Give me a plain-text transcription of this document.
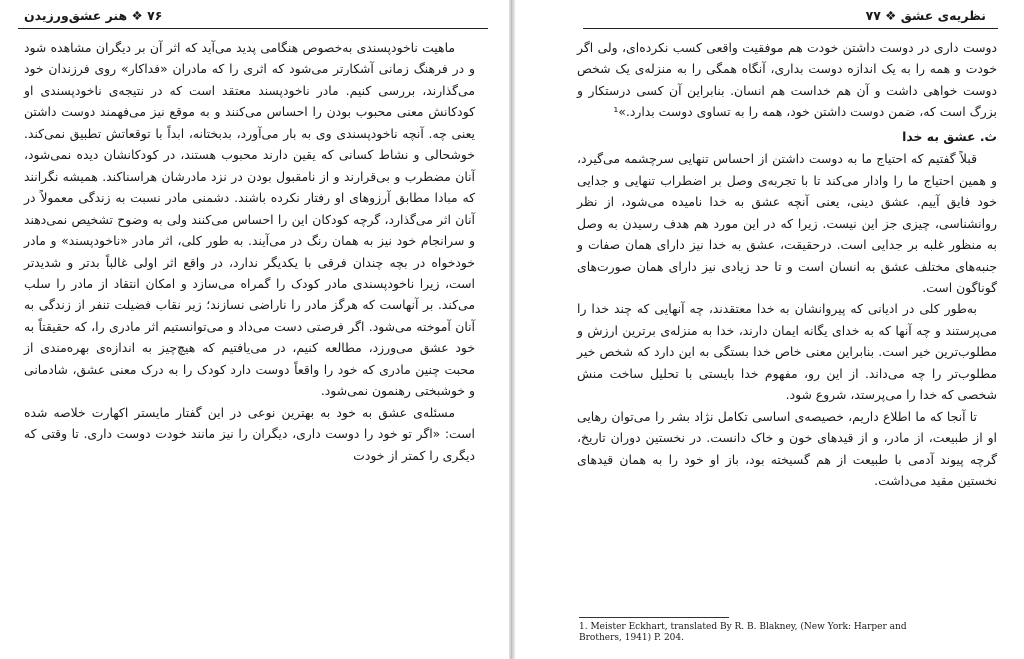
۷۶ ❖ هنر عشق‌ورزیدن

ماهیت ناخودپسندی به‌خصوص هنگامی پدید می‌آید که اثر آن بر دیگران مشاهده شود و در فرهنگ زمانی آشکارتر می‌شود که اثری را که مادران «فداکار» روی فرزندان خود می‌گذارند، بررسی کنیم. مادر ناخودپسند معتقد است که در نتیجه‌ی ناخودپسندی او کودکانش معنی محبوب بودن را احساس می‌کنند و به موقع نیز می‌فهمند دوست داشتن یعنی چه. آنچه ناخودپسندی وی به بار می‌آورد، بدبختانه، ابداً با توقعاتش تطبیق نمی‌کند. خوشحالی و نشاط کسانی که یقین دارند محبوب هستند، در کودکانشان دیده نمی‌شود، آنان مضطرب و بی‌قرارند و از نامقبول بودن در نزد مادرشان هراسناکند. همیشه نگرانند که مبادا مطابق آرزوهای او رفتار نکرده باشند. دشمنی مادر نسبت به زندگی معمولاً در آنان اثر می‌گذارد، گرچه کودکان این را احساس می‌کنند ولی به وضوح تشخیص نمی‌دهند و سرانجام خود نیز به همان رنگ در می‌آیند. به طور کلی، اثر مادر «ناخودپسند» و مادر خودخواه در بچه چندان فرقی با یکدیگر ندارد، در واقع اثر اولی غالباً بدتر و شدیدتر است، زیرا ناخودپسندی مادر کودک را گمراه می‌سازد و امکان انتقاد از مادر را سلب می‌کند. بر آنهاست که هرگز مادر را ناراضی نسازند؛ زیر نقاب فضیلت تنفر از زندگی به آنان آموخته می‌شود. اگر فرصتی دست می‌داد و می‌توانستیم اثر مادری را، که حقیقتاً به خود عشق می‌ورزد، مطالعه کنیم، در می‌یافتیم که هیچ‌چیز به اندازه‌ی بهره‌مندی از محبت چنین مادری که خود را واقعاً دوست دارد کودک را به درک معنی عشق، شادمانی و خوشبختی رهنمون نمی‌شود.

مسئله‌ی عشق به خود به بهترین نوعی در این گفتار مایستر اکهارت خلاصه شده است: «اگر تو خود را دوست داری، دیگران را نیز مانند خودت دوست داری. تا وقتی که دیگری را کمتر از خودت

نظریه‌ی عشق ❖ ۷۷

دوست داری در دوست داشتن خودت هم موفقیت واقعی کسب نکرده‌ای، ولی اگر خودت و همه را به یک اندازه دوست بداری، آنگاه همگی را به منزله‌ی یک شخص دوست خواهی داشت و آن هم خداست هم انسان. بنابراین آن کسی درستکار و بزرگ است که، ضمن دوست داشتن خود، همه را به تساوی دوست بدارد.»¹

ث. عشق به خدا

قبلاً گفتیم که احتیاج ما به دوست داشتن از احساس تنهایی سرچشمه می‌گیرد، و همین احتیاج ما را وادار می‌کند تا با تجربه‌ی وصل بر اضطراب تنهایی و جدایی خود فایق آییم. عشق دینی، یعنی آنچه عشق به خدا نامیده می‌شود، از نظر روانشناسی، چیزی جز این نیست. زیرا که در این مورد هم هدف رسیدن به وصل به منظور غلبه بر جدایی است. درحقیقت، عشق به خدا نیز دارای همان صفات و جنبه‌های مختلف عشق به انسان است و تا حد زیادی نیز دارای همان صورت‌های گوناگون است.

به‌طور کلی در ادیانی که پیروانشان به خدا معتقدند، چه آنهایی که چند خدا را می‌پرستند و چه آنها که به خدای یگانه ایمان دارند، خدا به منزله‌ی برترین ارزش و مطلوب‌ترین خیر است. بنابراین معنی خاص خدا بستگی به این دارد که شخص خیر مطلوب‌تر را چه می‌داند. از این رو، مفهوم خدا بایستی با تحلیل ساخت منش شخصی که خدا را می‌پرستد، شروع شود.

تا آنجا که ما اطلاع داریم، خصیصه‌ی اساسی تکامل نژاد بشر را می‌توان رهایی او از طبیعت، از مادر، و از قیدهای خون و خاک دانست. در نخستین دوران تاریخ، گرچه پیوند آدمی با طبیعت از هم گسیخته بود، باز او خود را به همان قیدهای نخستین مقید می‌داشت.

1. Meister Eckhart, translated By R. B. Blakney, (New York: Harper and Brothers, 1941) P. 204.
